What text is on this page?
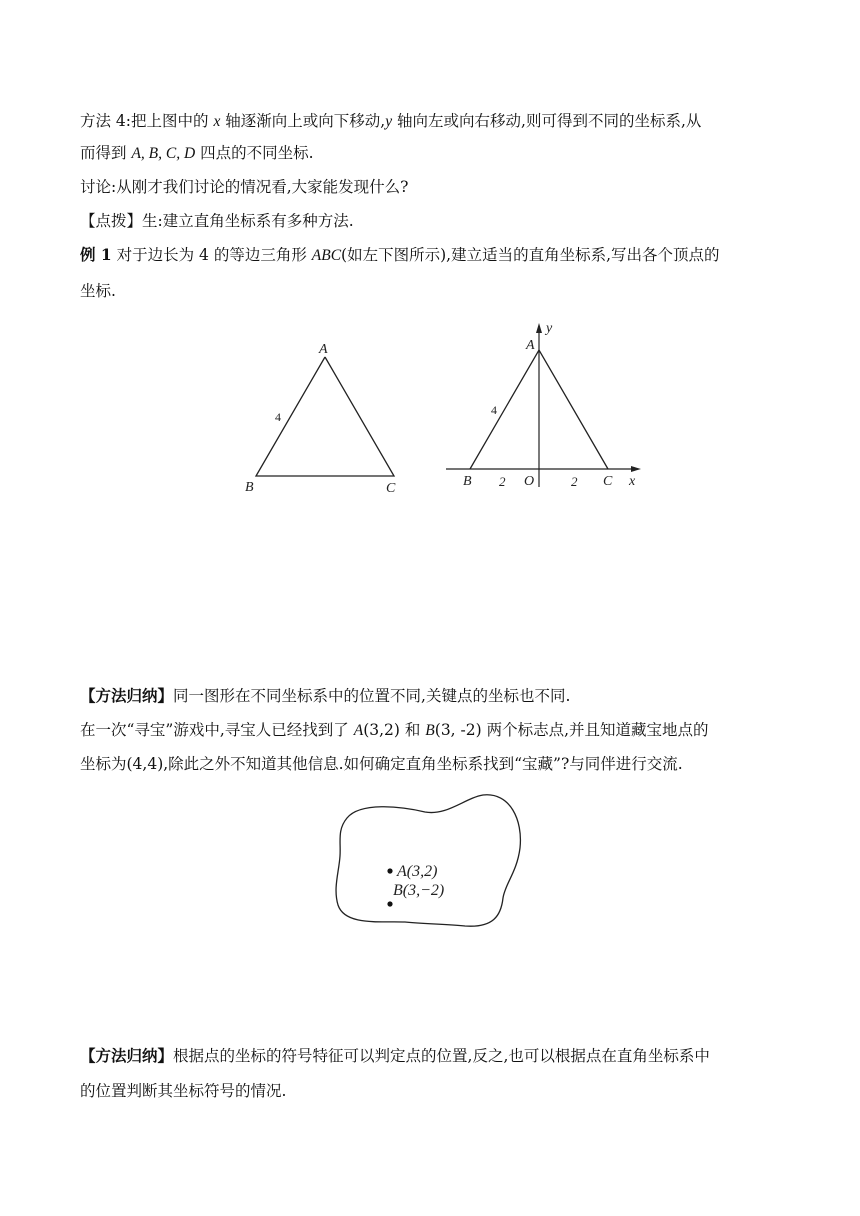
方法 4:把上图中的 x 轴逐渐向上或向下移动,y 轴向左或向右移动,则可得到不同的坐标系,从
而得到 A, B, C, D 四点的不同坐标.
讨论:从刚才我们讨论的情况看,大家能发现什么?
【点拨】生:建立直角坐标系有多种方法.
例 1 对于边长为 4 的等边三角形 ABC(如左下图所示),建立适当的直角坐标系,写出各个顶点的
坐标.
A
B	C
4
A
B	C
O	x
y
4
2	2
【方法归纳】同一图形在不同坐标系中的位置不同,关键点的坐标也不同.
在一次“寻宝”游戏中,寻宝人已经找到了 A(3,2) 和 B(3, -2) 两个标志点,并且知道藏宝地点的
坐标为(4,4),除此之外不知道其他信息.如何确定直角坐标系找到“宝藏”?与同伴进行交流.
A(3,2)
B(3,−2)
【方法归纳】根据点的坐标的符号特征可以判定点的位置,反之,也可以根据点在直角坐标系中
的位置判断其坐标符号的情况.
